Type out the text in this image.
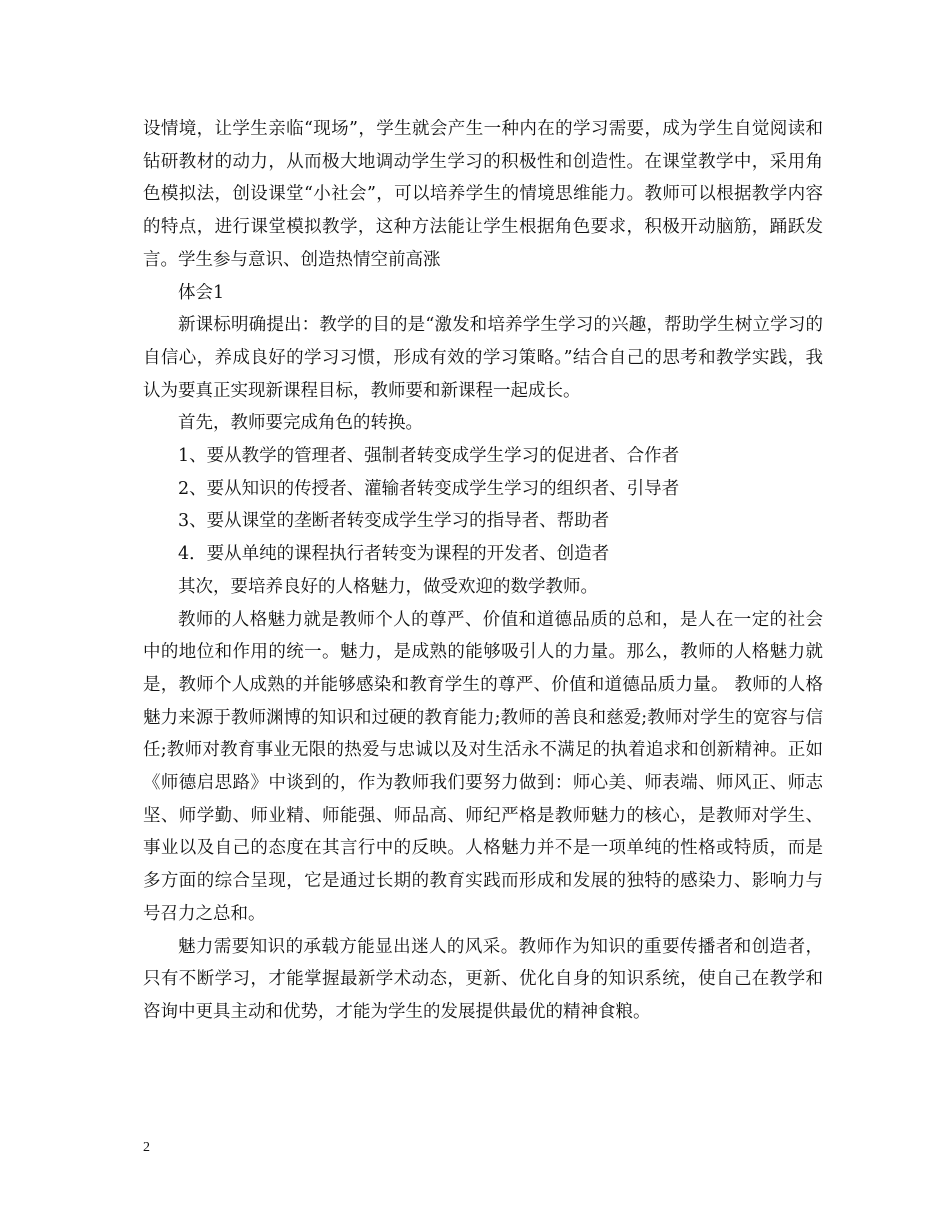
设情境，让学生亲临“现场”，学生就会产生一种内在的学习需要，成为学生自觉阅读和钻研教材的动力，从而极大地调动学生学习的积极性和创造性。在课堂教学中，采用角色模拟法，创设课堂“小社会”，可以培养学生的情境思维能力。教师可以根据教学内容的特点，进行课堂模拟教学，这种方法能让学生根据角色要求，积极开动脑筋，踊跃发言。学生参与意识、创造热情空前高涨

体会1

新课标明确提出：教学的目的是“激发和培养学生学习的兴趣，帮助学生树立学习的自信心，养成良好的学习习惯，形成有效的学习策略。”结合自己的思考和教学实践，我认为要真正实现新课程目标，教师要和新课程一起成长。

首先，教师要完成角色的转换。

1、要从教学的管理者、强制者转变成学生学习的促进者、合作者

2、要从知识的传授者、灌输者转变成学生学习的组织者、引导者

3、要从课堂的垄断者转变成学生学习的指导者、帮助者

4．要从单纯的课程执行者转变为课程的开发者、创造者

其次，要培养良好的人格魅力，做受欢迎的数学教师。

教师的人格魅力就是教师个人的尊严、价值和道德品质的总和，是人在一定的社会中的地位和作用的统一。魅力，是成熟的能够吸引人的力量。那么，教师的人格魅力就是，教师个人成熟的并能够感染和教育学生的尊严、价值和道德品质力量。 教师的人格魅力来源于教师渊博的知识和过硬的教育能力;教师的善良和慈爱;教师对学生的宽容与信任;教师对教育事业无限的热爱与忠诚以及对生活永不满足的执着追求和创新精神。正如《师德启思路》中谈到的，作为教师我们要努力做到：师心美、师表端、师风正、师志坚、师学勤、师业精、师能强、师品高、师纪严格是教师魅力的核心，是教师对学生、事业以及自己的态度在其言行中的反映。人格魅力并不是一项单纯的性格或特质，而是多方面的综合呈现，它是通过长期的教育实践而形成和发展的独特的感染力、影响力与号召力之总和。

魅力需要知识的承载方能显出迷人的风采。教师作为知识的重要传播者和创造者，只有不断学习，才能掌握最新学术动态，更新、优化自身的知识系统，使自己在教学和咨询中更具主动和优势，才能为学生的发展提供最优的精神食粮。

2
